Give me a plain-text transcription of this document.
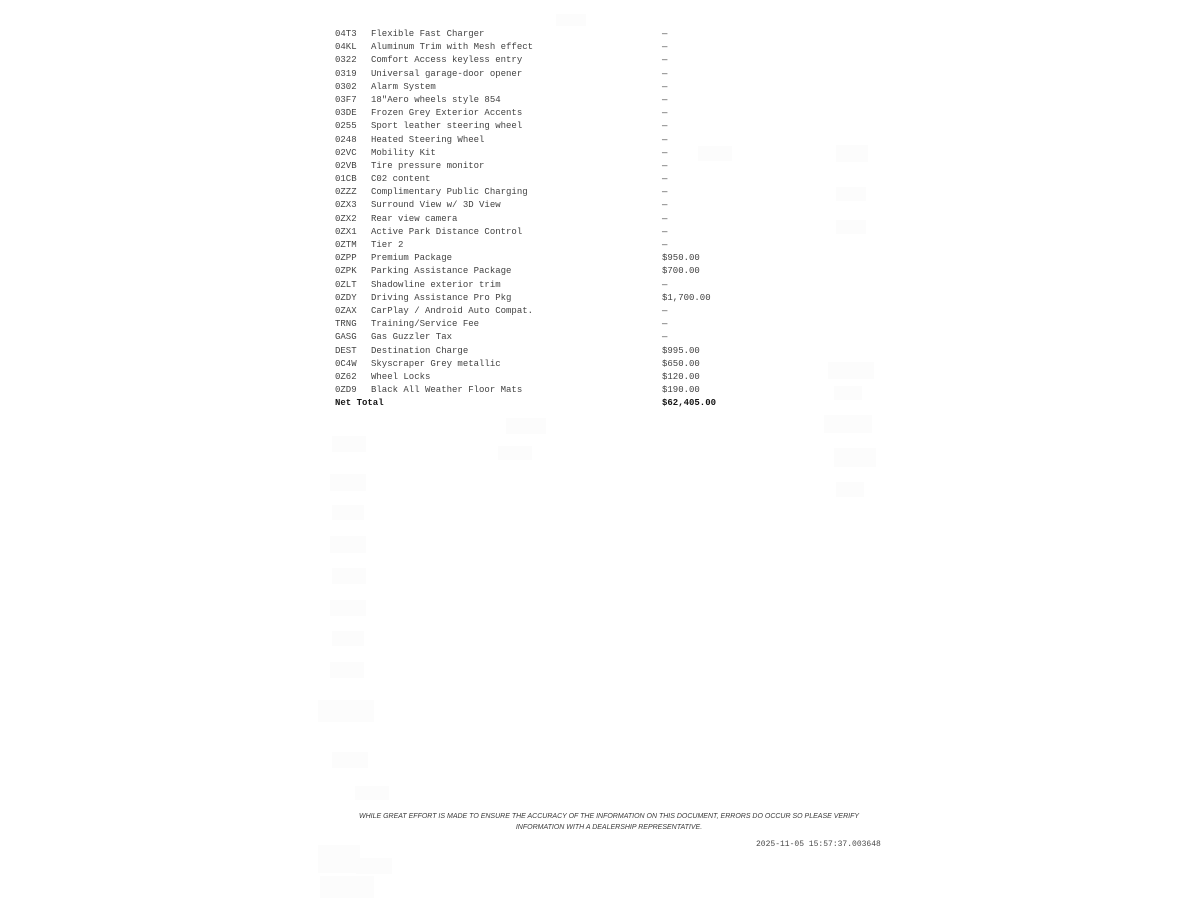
04T3	Flexible Fast Charger	—
04KL	Aluminum Trim with Mesh effect	—
0322	Comfort Access keyless entry	—
0319	Universal garage-door opener	—
0302	Alarm System	—
03F7	18"Aero wheels style 854	—
03DE	Frozen Grey Exterior Accents	—
0255	Sport leather steering wheel	—
0248	Heated Steering Wheel	—
02VC	Mobility Kit	—
02VB	Tire pressure monitor	—
01CB	C02 content	—
0ZZZ	Complimentary Public Charging	—
0ZX3	Surround View w/ 3D View	—
0ZX2	Rear view camera	—
0ZX1	Active Park Distance Control	—
0ZTM	Tier 2	—
0ZPP	Premium Package	$950.00
0ZPK	Parking Assistance Package	$700.00
0ZLT	Shadowline exterior trim	—
0ZDY	Driving Assistance Pro Pkg	$1,700.00
0ZAX	CarPlay / Android Auto Compat.	—
TRNG	Training/Service Fee	—
GASG	Gas Guzzler Tax	—
DEST	Destination Charge	$995.00
0C4W	Skyscraper Grey metallic	$650.00
0Z62	Wheel Locks	$120.00
0ZD9	Black All Weather Floor Mats	$190.00
Net Total	$62,405.00
WHILE GREAT EFFORT IS MADE TO ENSURE THE ACCURACY OF THE INFORMATION ON THIS DOCUMENT, ERRORS DO OCCUR SO PLEASE VERIFY INFORMATION WITH A DEALERSHIP REPRESENTATIVE.
2025-11-05 15:57:37.003648
